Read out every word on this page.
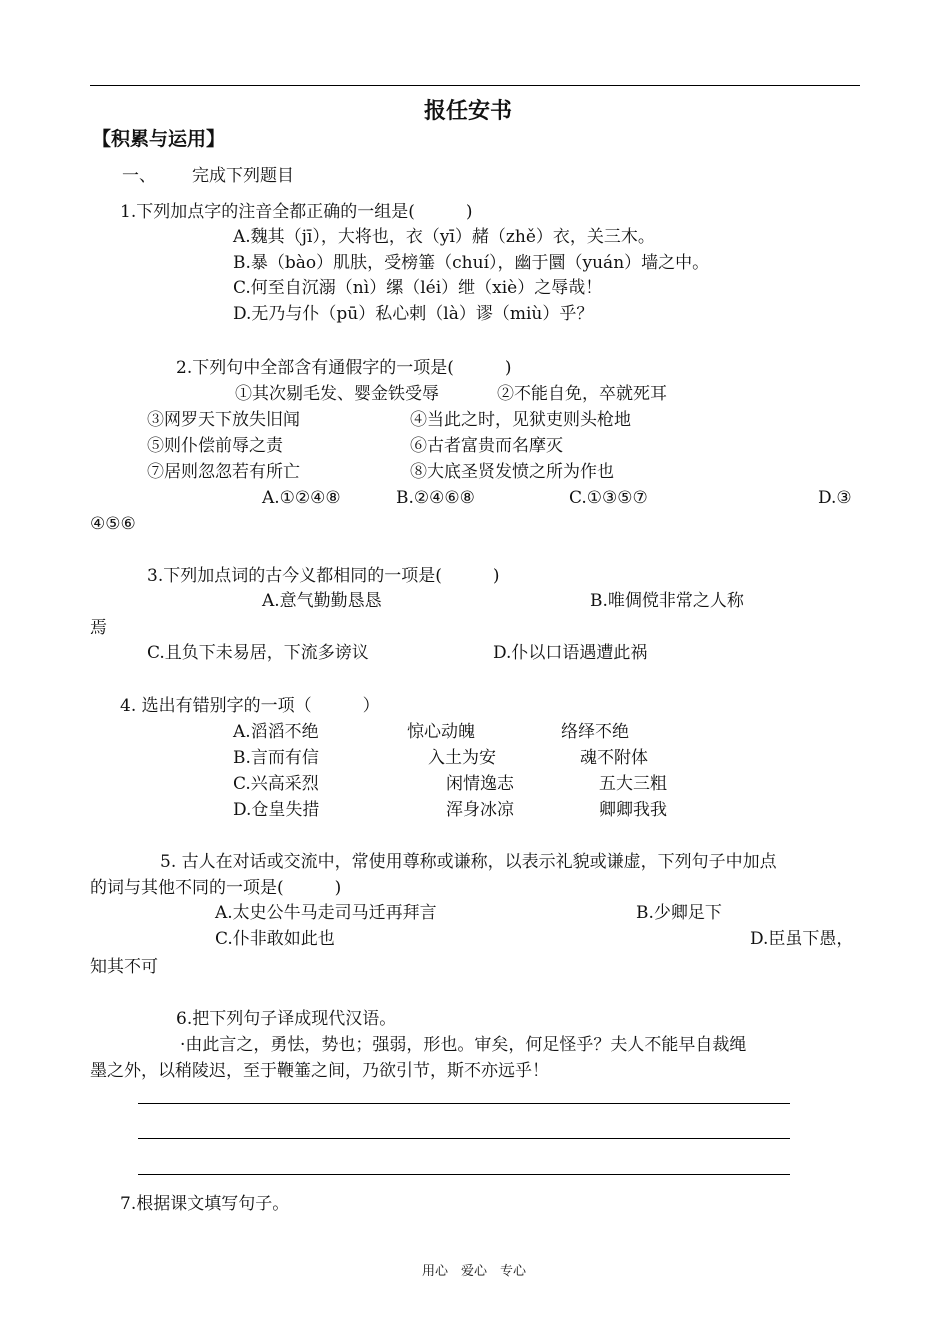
报任安书
【积累与运用】
一、 完成下列题目
1.下列加点字的注音全都正确的一组是(　　　)
A.魏其（jī），大将也，衣（yī）赭（zhě）衣，关三木。
B.暴（bào）肌肤，受榜箠（chuí），幽于圜（yuán）墙之中。
C.何至自沉溺（nì）缧（léi）绁（xiè）之辱哉！
D.无乃与仆（pū）私心剌（là）谬（miù）乎？
2.下列句中全部含有通假字的一项是(　　　)
①其次剔毛发、婴金铁受辱	②不能自免，卒就死耳
③网罗天下放失旧闻	④当此之时，见狱吏则头枪地
⑤则仆偿前辱之责	⑥古者富贵而名摩灭
⑦居则忽忽若有所亡	⑧大底圣贤发愤之所为作也
A.①②④⑧	B.②④⑥⑧	C.①③⑤⑦	D.③
④⑤⑥
3.下列加点词的古今义都相同的一项是(　　　)
A.意气勤勤恳恳	B.唯倜傥非常之人称
焉
C.且负下未易居，下流多谤议	D.仆以口语遇遭此祸
4. 选出有错别字的一项（　　　）
A.滔滔不绝	惊心动魄	络绎不绝
B.言而有信	入土为安	魂不附体
C.兴高采烈	闲情逸志	五大三粗
D.仓皇失措	浑身冰凉	卿卿我我
5. 古人在对话或交流中，常使用尊称或谦称，以表示礼貌或谦虚，下列句子中加点
的词与其他不同的一项是(　　　)
A.太史公牛马走司马迁再拜言	B.少卿足下
C.仆非敢如此也	D.臣虽下愚，
知其不可
6.把下列句子译成现代汉语。
·由此言之，勇怯，势也；强弱，形也。审矣，何足怪乎？夫人不能早自裁绳
墨之外，以稍陵迟，至于鞭箠之间，乃欲引节，斯不亦远乎！
7.根据课文填写句子。
用心　爱心　专心
